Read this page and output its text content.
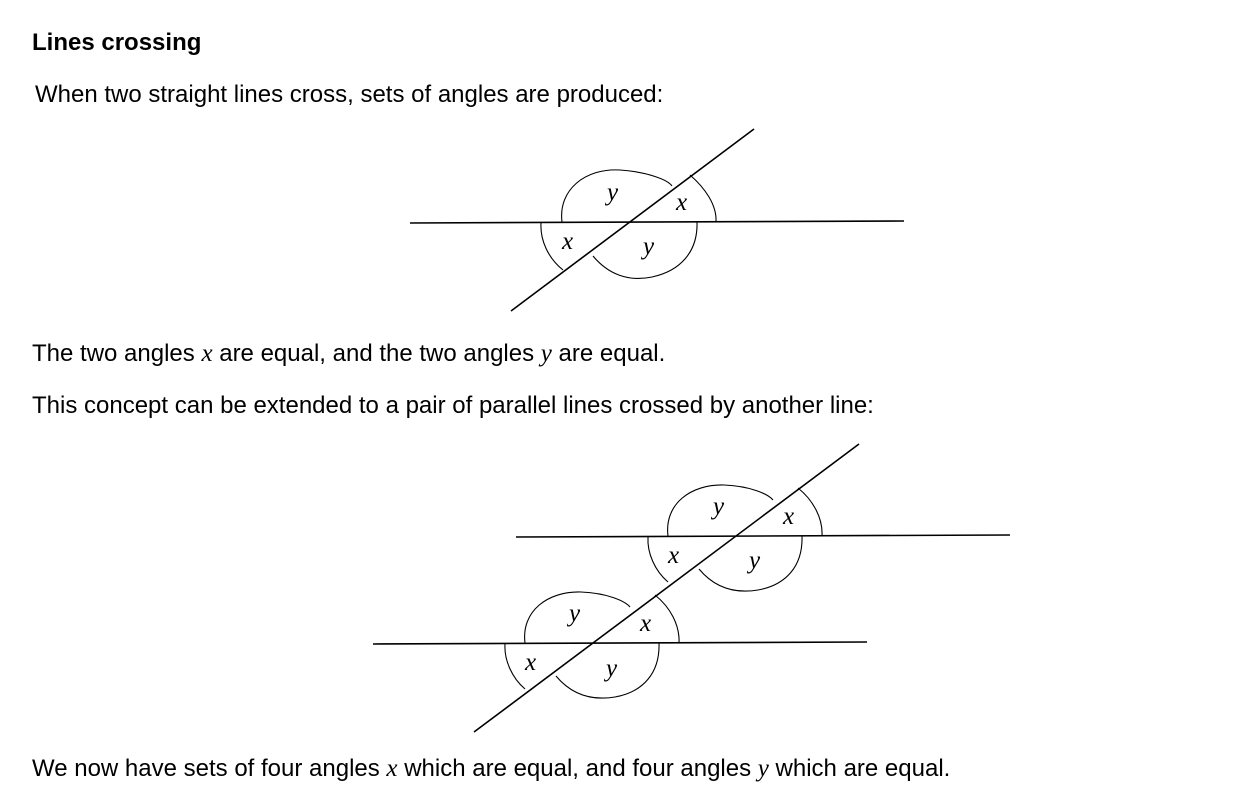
Lines crossing
When two straight lines cross, sets of angles are produced:
y x
x	y
y x
x	y
y x
x	y
The two angles x are equal, and the two angles y are equal.
This concept can be extended to a pair of parallel lines crossed by another line:
We now have sets of four angles x which are equal, and four angles y which are equal.
